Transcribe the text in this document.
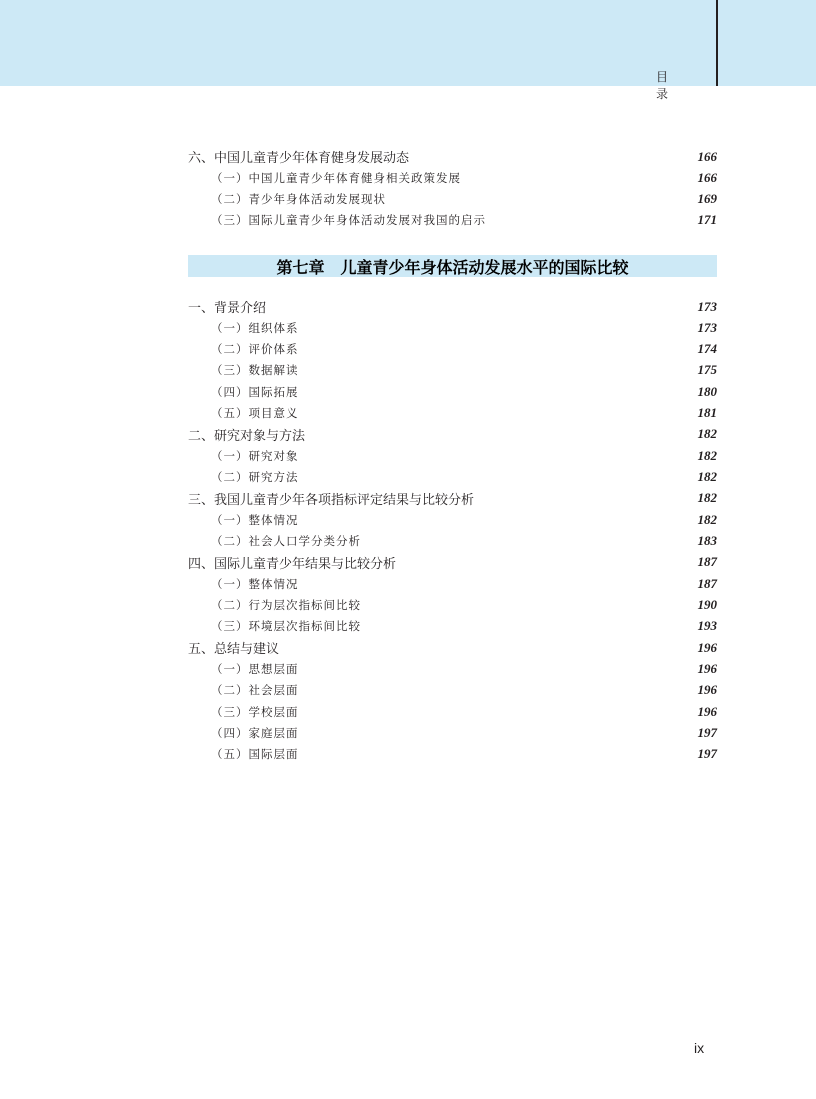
目录
六、中国儿童青少年体育健身发展动态	166
（一）中国儿童青少年体育健身相关政策发展	166
（二）青少年身体活动发展现状	169
（三）国际儿童青少年身体活动发展对我国的启示	171
第七章 儿童青少年身体活动发展水平的国际比较
一、背景介绍	173
（一）组织体系	173
（二）评价体系	174
（三）数据解读	175
（四）国际拓展	180
（五）项目意义	181
二、研究对象与方法	182
（一）研究对象	182
（二）研究方法	182
三、我国儿童青少年各项指标评定结果与比较分析	182
（一）整体情况	182
（二）社会人口学分类分析	183
四、国际儿童青少年结果与比较分析	187
（一）整体情况	187
（二）行为层次指标间比较	190
（三）环境层次指标间比较	193
五、总结与建议	196
（一）思想层面	196
（二）社会层面	196
（三）学校层面	196
（四）家庭层面	197
（五）国际层面	197
ix
